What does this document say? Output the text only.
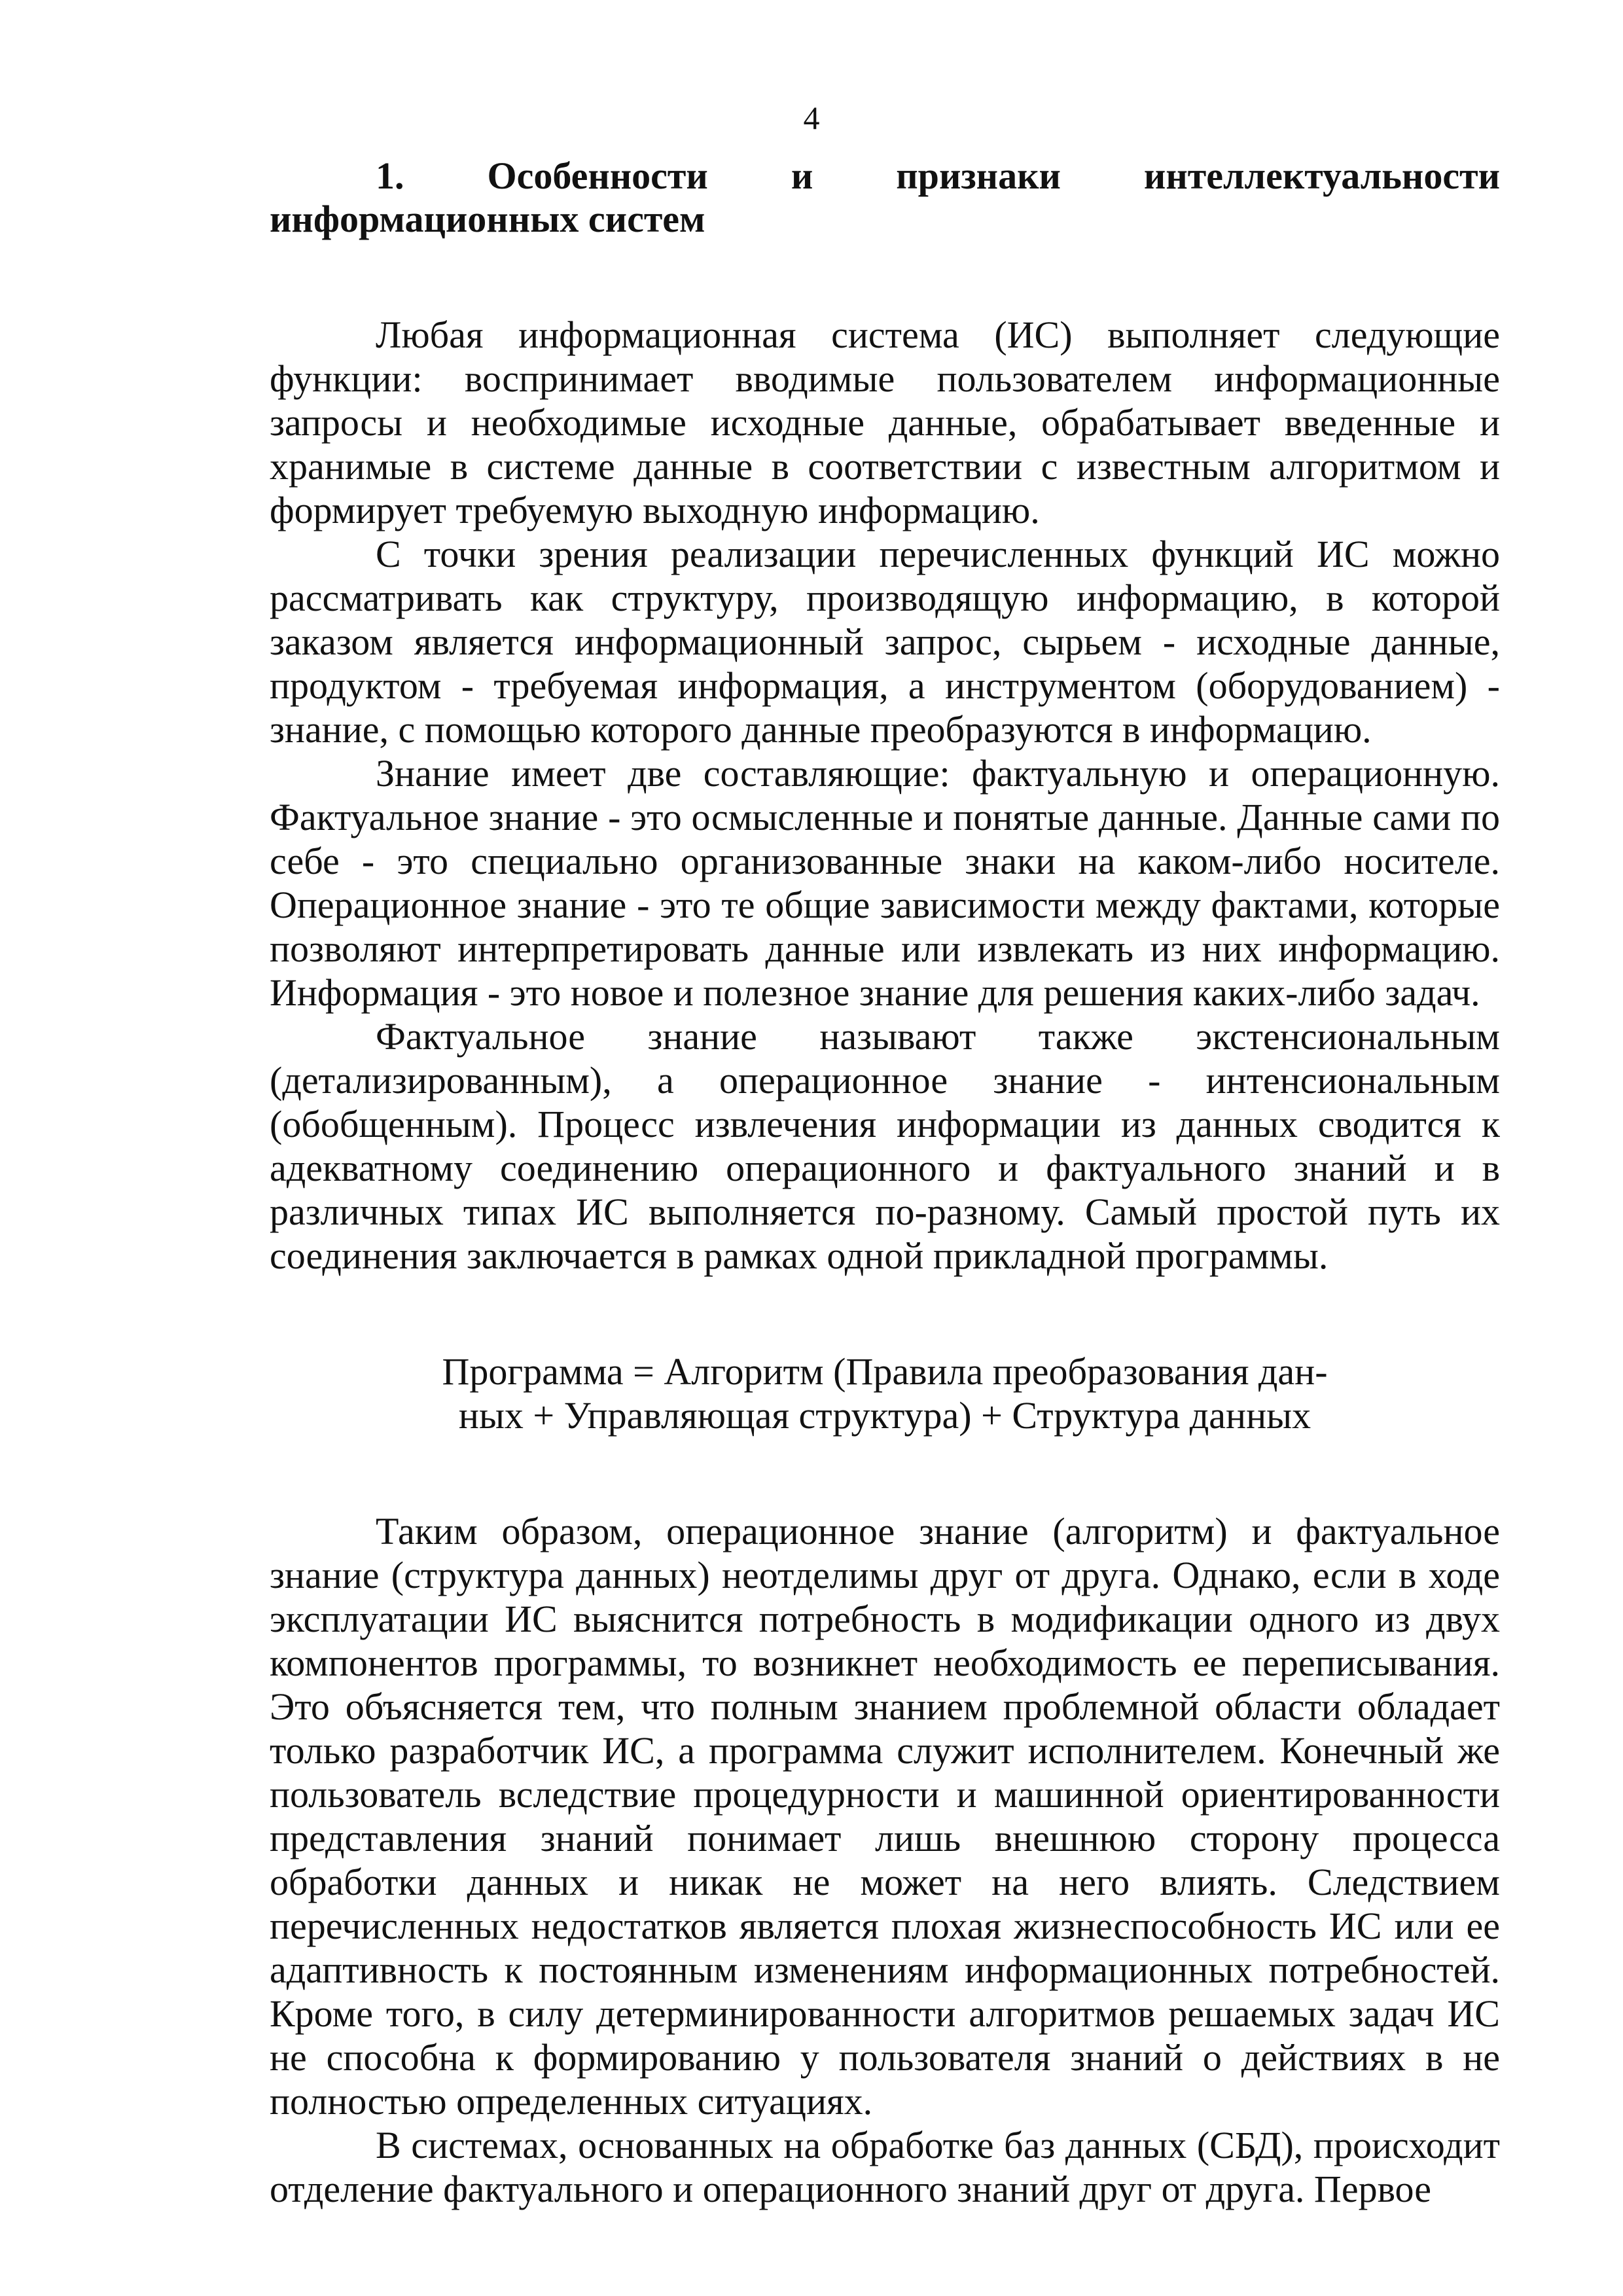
4

1. Особенности и признаки интеллектуальности информационных систем

Любая информационная система (ИС) выполняет следующие функции: воспринимает вводимые пользователем информационные запросы и необходимые исходные данные, обрабатывает введенные и хранимые в системе данные в соответствии с известным алгоритмом и формирует требуемую выходную информацию.

С точки зрения реализации перечисленных функций ИС можно рассматривать как структуру, производящую информацию, в которой заказом является информационный запрос, сырьем - исходные данные, продуктом - требуемая информация, а инструментом (оборудованием) - знание, с помощью которого данные преобразуются в информацию.

Знание имеет две составляющие: фактуальную и операционную. Фактуальное знание - это осмысленные и понятые данные. Данные сами по себе - это специально организованные знаки на каком-либо носителе. Операционное знание - это те общие зависимости между фактами, которые позволяют интерпретировать данные или извлекать из них информацию. Информация - это новое и полезное знание для решения каких-либо задач.

Фактуальное знание называют также экстенсиональным (детализированным), а операционное знание - интенсиональным (обобщенным). Процесс извлечения информации из данных сводится к адекватному соединению операционного и фактуального знаний и в различных типах ИС выполняется по-разному. Самый простой путь их соединения заключается в рамках одной прикладной программы.

Программа = Алгоритм (Правила преобразования дан-
ных + Управляющая структура) + Структура данных

Таким образом, операционное знание (алгоритм) и фактуальное знание (структура данных) неотделимы друг от друга. Однако, если в ходе эксплуатации ИС выяснится потребность в модификации одного из двух компонентов программы, то возникнет необходимость ее переписывания. Это объясняется тем, что полным знанием проблемной области обладает только разработчик ИС, а программа служит исполнителем. Конечный же пользователь вследствие процедурности и машинной ориентированности представления знаний понимает лишь внешнюю сторону процесса обработки данных и никак не может на него влиять. Следствием перечисленных недостатков является плохая жизнеспособность ИС или ее адаптивность к постоянным изменениям информационных потребностей. Кроме того, в силу детерминированности алгоритмов решаемых задач ИС не способна к формированию у пользователя знаний о действиях в не полностью определенных ситуациях.

В системах, основанных на обработке баз данных (СБД), происходит отделение фактуального и операционного знаний друг от друга. Первое
